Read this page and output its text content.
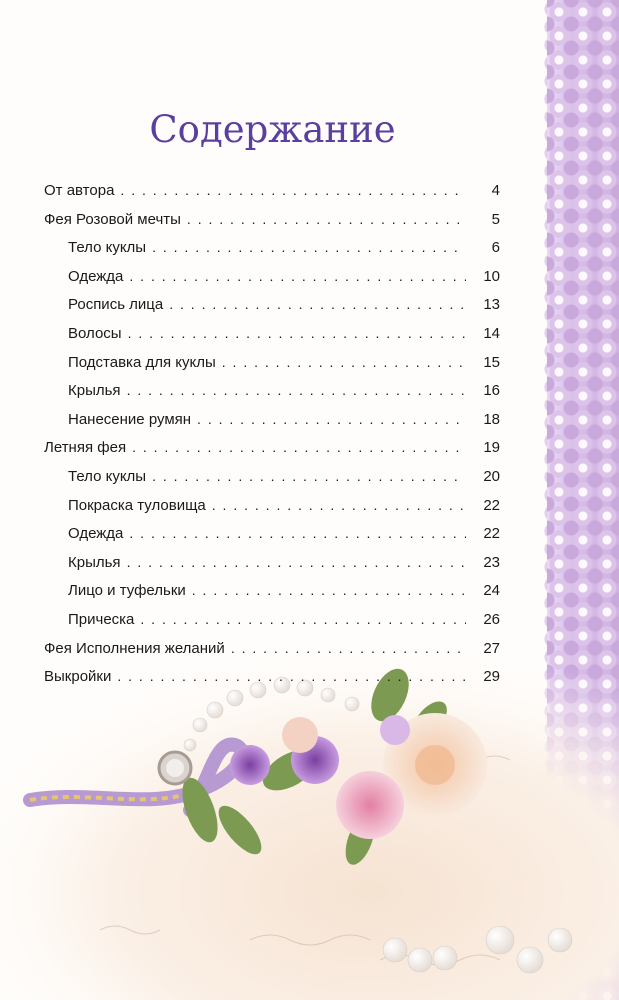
Содержание
От автора . . .	4
Фея Розовой мечты . . .	5
Тело куклы . . .	6
Одежда . . .	10
Роспись лица . . .	13
Волосы . . .	14
Подставка для куклы . . .	15
Крылья . . .	16
Нанесение румян . . .	18
Летняя фея . . .	19
Тело куклы . . .	20
Покраска туловища . . .	22
Одежда . . .	22
Крылья . . .	23
Лицо и туфельки . . .	24
Прическа . . .	26
Фея Исполнения желаний . . .	27
Выкройки . . .	29
